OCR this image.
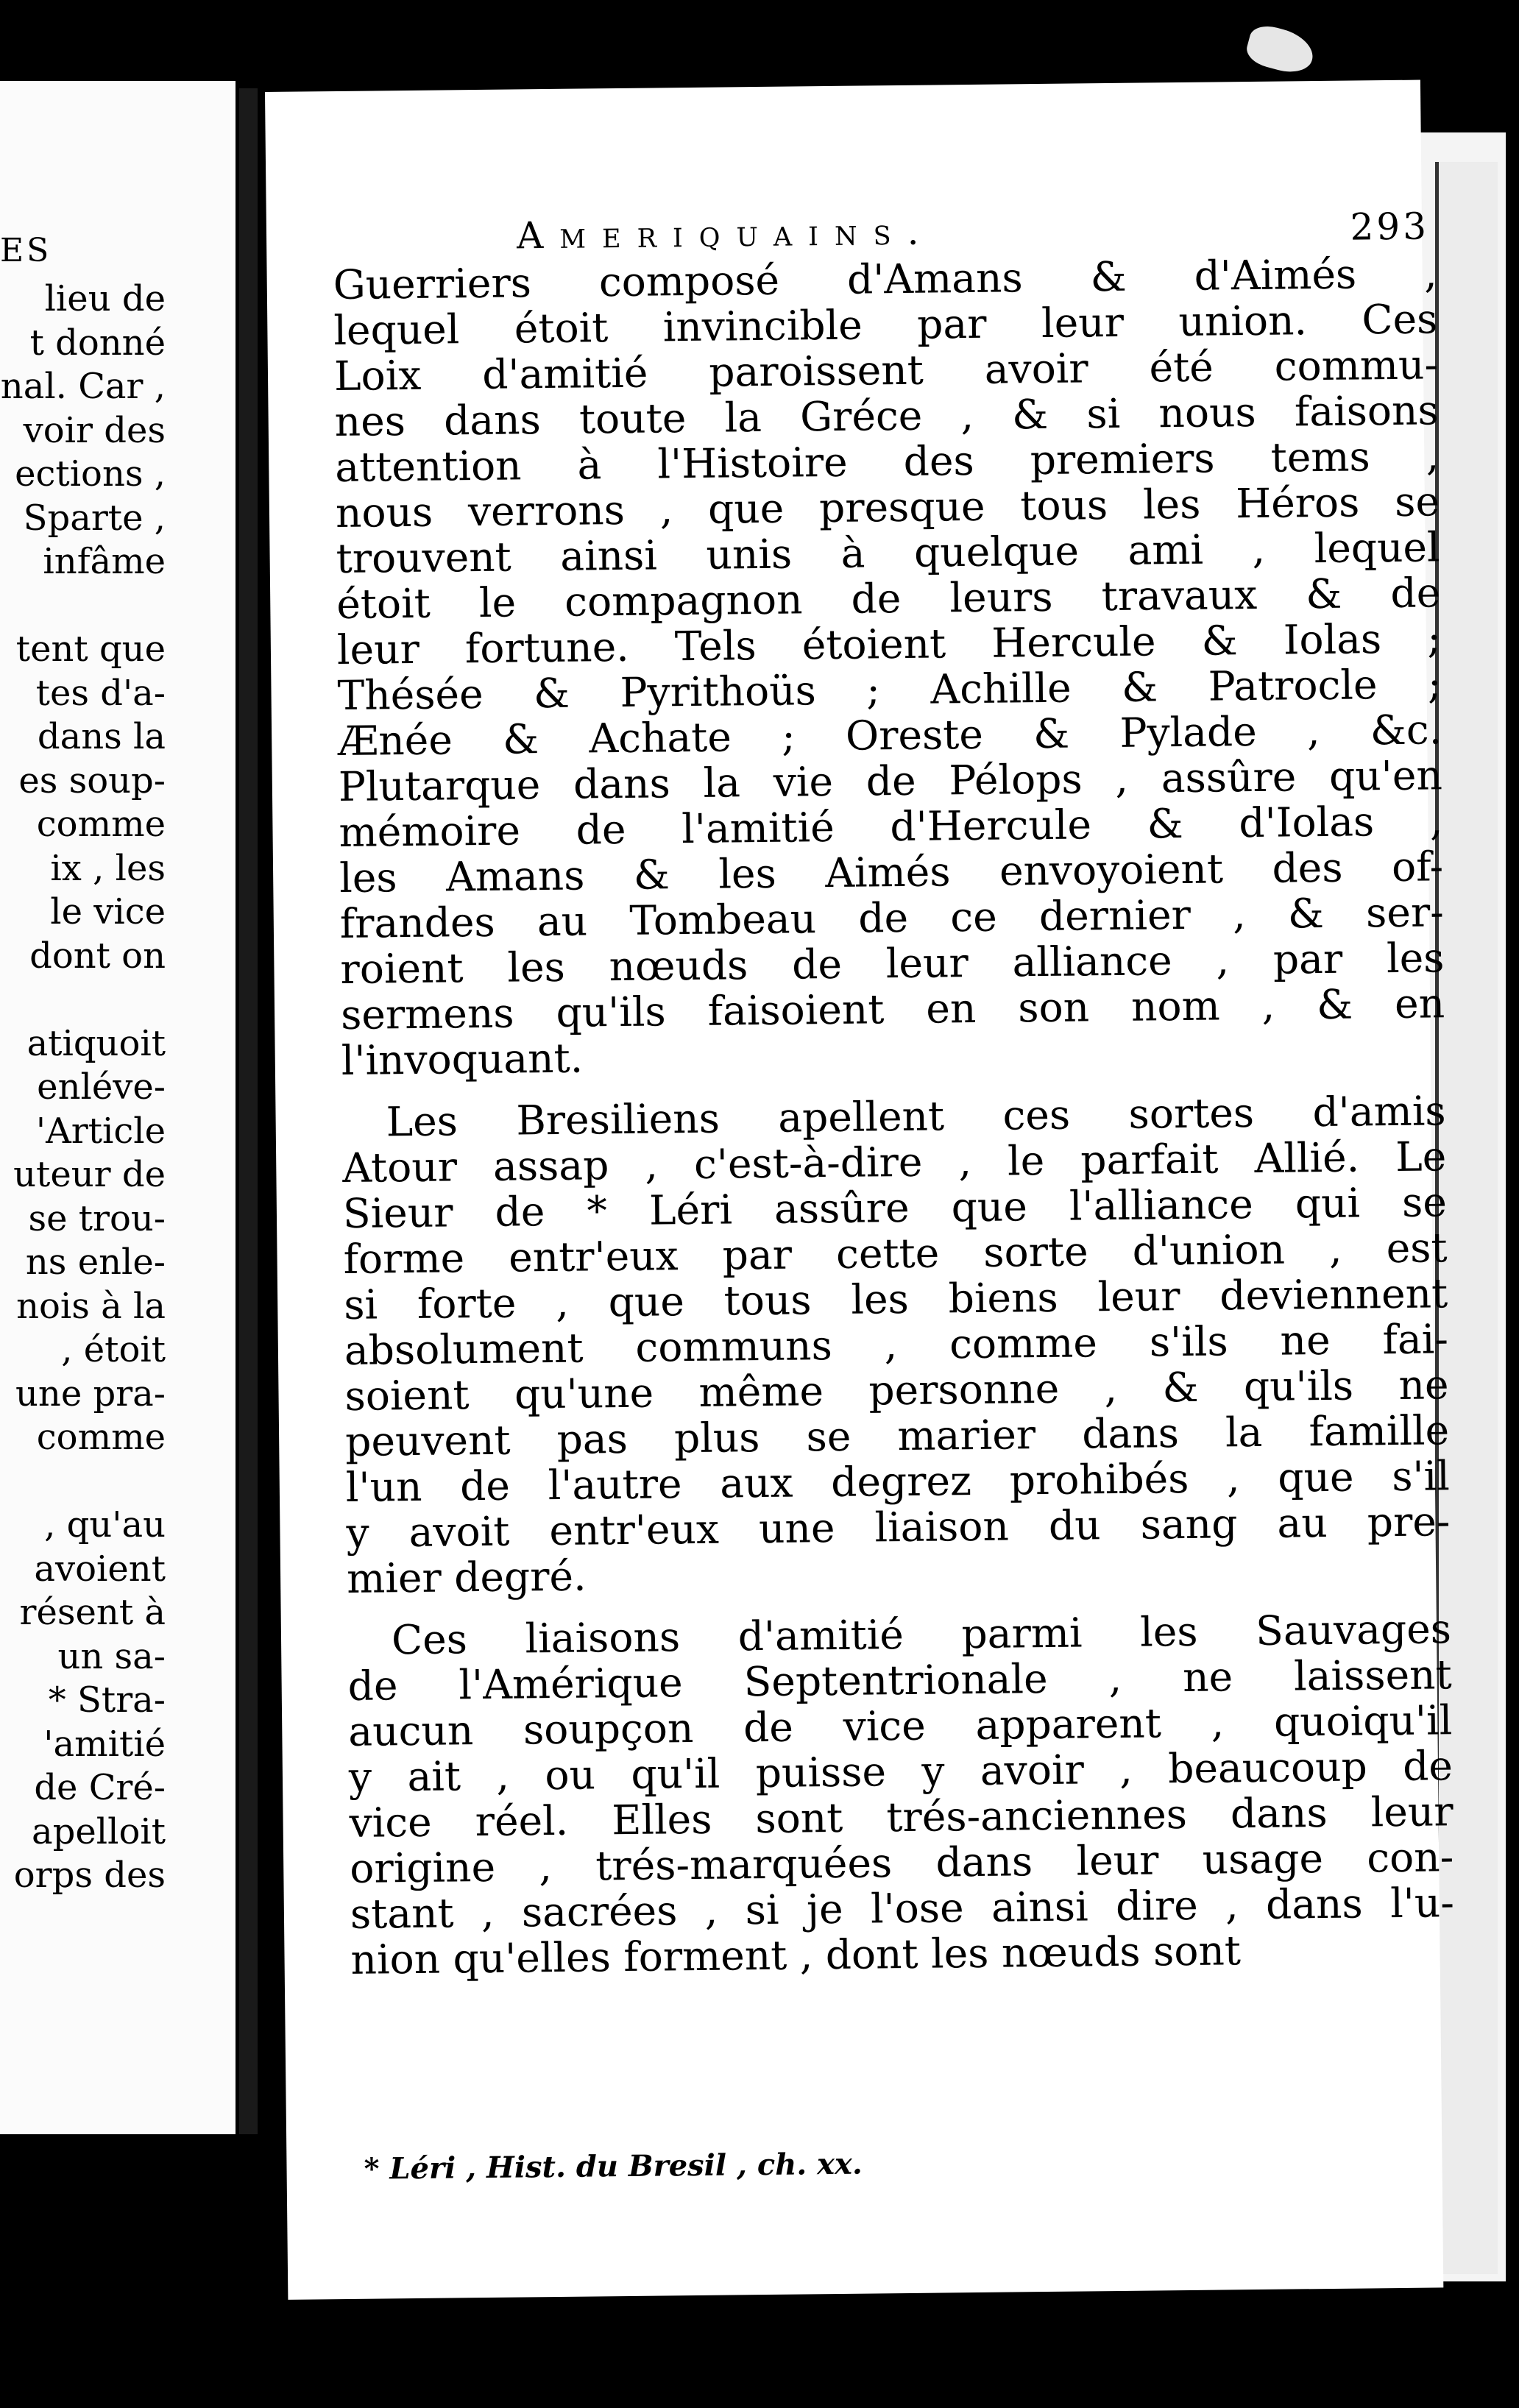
ES
lieu de
t donné
nal. Car ,
voir des
ections ,
Sparte ,
infâme
tent que
tes d'a-
dans la
es soup-
comme
ix , les
le vice
dont on
atiquoit
enléve-
'Article
uteur de
se trou-
ns enle-
nois à la
, étoit
une pra-
comme
, qu'au
avoient
résent à
un sa-
* Stra-
'amitié
de Cré-
apelloit
orps des
Ameriquains.	293
Guerriers composé d'Amans & d'Aimés ,
lequel étoit invincible par leur union. Ces
Loix d'amitié paroissent avoir été commu-
nes dans toute la Gréce , & si nous faisons
attention à l'Histoire des premiers tems ,
nous verrons , que presque tous les Héros se
trouvent ainsi unis à quelque ami , lequel
étoit le compagnon de leurs travaux & de
leur fortune. Tels étoient Hercule & Iolas ;
Thésée & Pyrithoüs ; Achille & Patrocle ;
Ænée & Achate ; Oreste & Pylade , &c.
Plutarque dans la vie de Pélops , assûre qu'en
mémoire de l'amitié d'Hercule & d'Iolas ,
les Amans & les Aimés envoyoient des of-
frandes au Tombeau de ce dernier , & ser-
roient les nœuds de leur alliance , par les
sermens qu'ils faisoient en son nom , & en
l'invoquant.
Les Bresiliens apellent ces sortes d'amis
Atour assap , c'est-à-dire , le parfait Allié. Le
Sieur de * Léri assûre que l'alliance qui se
forme entr'eux par cette sorte d'union , est
si forte , que tous les biens leur deviennent
absolument communs , comme s'ils ne fai-
soient qu'une même personne , & qu'ils ne
peuvent pas plus se marier dans la famille
l'un de l'autre aux degrez prohibés , que s'il
y avoit entr'eux une liaison du sang au pre-
mier degré.
Ces liaisons d'amitié parmi les Sauvages
de l'Amérique Septentrionale , ne laissent
aucun soupçon de vice apparent , quoiqu'il
y ait , ou qu'il puisse y avoir , beaucoup de
vice réel. Elles sont trés-anciennes dans leur
origine , trés-marquées dans leur usage con-
stant , sacrées , si je l'ose ainsi dire , dans l'u-
nion qu'elles forment , dont les nœuds sont
* Léri , Hist. du Bresil , ch. xx.
